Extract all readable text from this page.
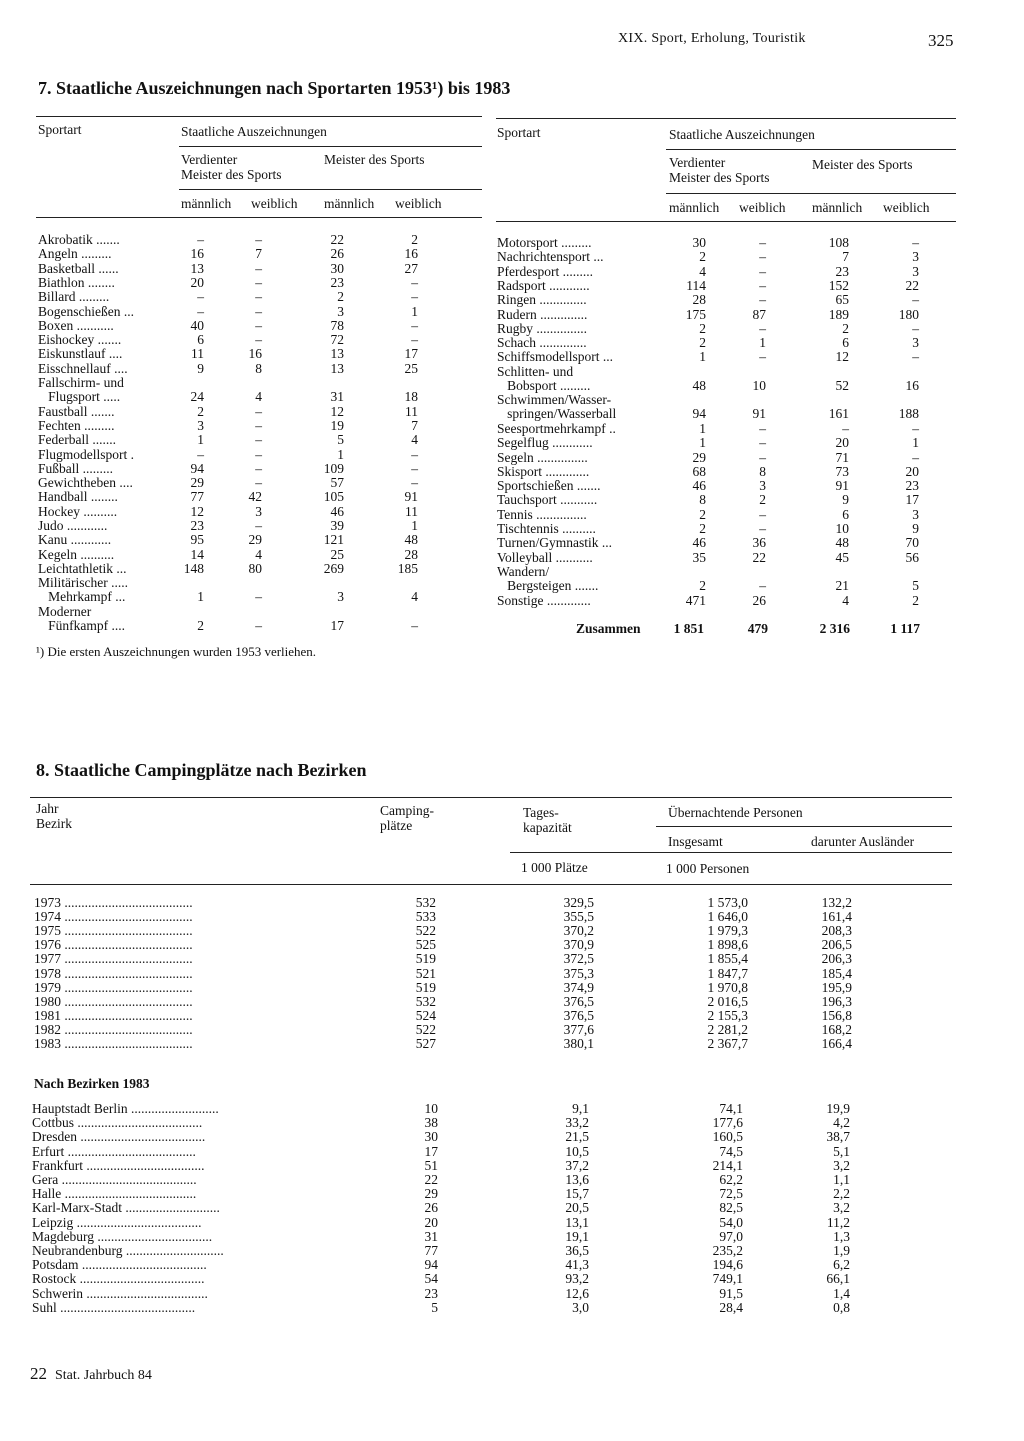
XIX. Sport, Erholung, Touristik	325
7. Staatliche Auszeichnungen nach Sportarten 1953¹) bis 1983
Sportart	Staatliche Auszeichnungen
Verdienter
Meister des Sports
Meister des Sports
männlich weiblich männlich weiblich
Sportart	Staatliche Auszeichnungen
Verdienter
Meister des Sports
Meister des Sports
männlich weiblich männlich weiblich
Akrobatik .......	–	–	22	2
Angeln .........	16	7	26	16
Basketball ......	13	–	30	27
Biathlon ........	20	–	23	–
Billard .........	–	–	2	–
Bogenschießen ...	–	–	3	1
Boxen ...........	40	–	78	–
Eishockey .......	6	–	72	–
Eiskunstlauf ....	11	16	13	17
Eisschnellauf ....	9	8	13	25
Fallschirm- und
Flugsport .....	24	4	31	18
Faustball .......	2	–	12	11
Fechten .........	3	–	19	7
Federball .......	1	–	5	4
Flugmodellsport .	–	–	1	–
Fußball .........	94	–	109	–
Gewichtheben ....	29	–	57	–
Handball ........	77	42	105	91
Hockey ..........	12	3	46	11
Judo ............	23	–	39	1
Kanu ............	95	29	121	48
Kegeln ..........	14	4	25	28
Leichtathletik ...	148	80	269	185
Militärischer .....
Mehrkampf ...	1	–	3	4
Moderner
Fünfkampf ....	2	–	17	–
Motorsport .........	30	–	108	–
Nachrichtensport ...	2	–	7	3
Pferdesport .........	4	–	23	3
Radsport ............	114	–	152	22
Ringen ..............	28	–	65	–
Rudern ..............	175	87	189	180
Rugby ...............	2	–	2	–
Schach ..............	2	1	6	3
Schiffsmodellsport ...	1	–	12	–
Schlitten- und
Bobsport .........	48	10	52	16
Schwimmen/Wasser-
springen/Wasserball	94	91	161	188
Seesportmehrkampf ..	1	–	–	–
Segelflug ............	1	–	20	1
Segeln ...............	29	–	71	–
Skisport .............	68	8	73	20
Sportschießen .......	46	3	91	23
Tauchsport ...........	8	2	9	17
Tennis ...............	2	–	6	3
Tischtennis ..........	2	–	10	9
Turnen/Gymnastik ...	46	36	48	70
Volleyball ...........	35	22	45	56
Wandern/
Bergsteigen .......	2	–	21	5
Sonstige .............	471	26	4	2
Zusammen 1 851	479	2 316	1 117
¹) Die ersten Auszeichnungen wurden 1953 verliehen.
8. Staatliche Campingplätze nach Bezirken
Jahr
Bezirk
Camping-
plätze
Tages-
kapazität
Übernachtende Personen
Insgesamt	darunter Ausländer
1 000 Plätze	1 000 Personen
1973 ......................................	532	329,5	1 573,0	132,2
1974 ......................................	533	355,5	1 646,0	161,4
1975 ......................................	522	370,2	1 979,3	208,3
1976 ......................................	525	370,9	1 898,6	206,5
1977 ......................................	519	372,5	1 855,4	206,3
1978 ......................................	521	375,3	1 847,7	185,4
1979 ......................................	519	374,9	1 970,8	195,9
1980 ......................................	532	376,5	2 016,5	196,3
1981 ......................................	524	376,5	2 155,3	156,8
1982 ......................................	522	377,6	2 281,2	168,2
1983 ......................................	527	380,1	2 367,7	166,4
Nach Bezirken 1983
Hauptstadt Berlin ..........................	10	9,1	74,1	19,9
Cottbus .....................................	38	33,2	177,6	4,2
Dresden .....................................	30	21,5	160,5	38,7
Erfurt ......................................	17	10,5	74,5	5,1
Frankfurt ...................................	51	37,2	214,1	3,2
Gera ........................................	22	13,6	62,2	1,1
Halle .......................................	29	15,7	72,5	2,2
Karl-Marx-Stadt ............................	26	20,5	82,5	3,2
Leipzig .....................................	20	13,1	54,0	11,2
Magdeburg ..................................	31	19,1	97,0	1,3
Neubrandenburg .............................	77	36,5	235,2	1,9
Potsdam .....................................	94	41,3	194,6	6,2
Rostock .....................................	54	93,2	749,1	66,1
Schwerin ....................................	23	12,6	91,5	1,4
Suhl ........................................	5	3,0	28,4	0,8
22 Stat. Jahrbuch 84
